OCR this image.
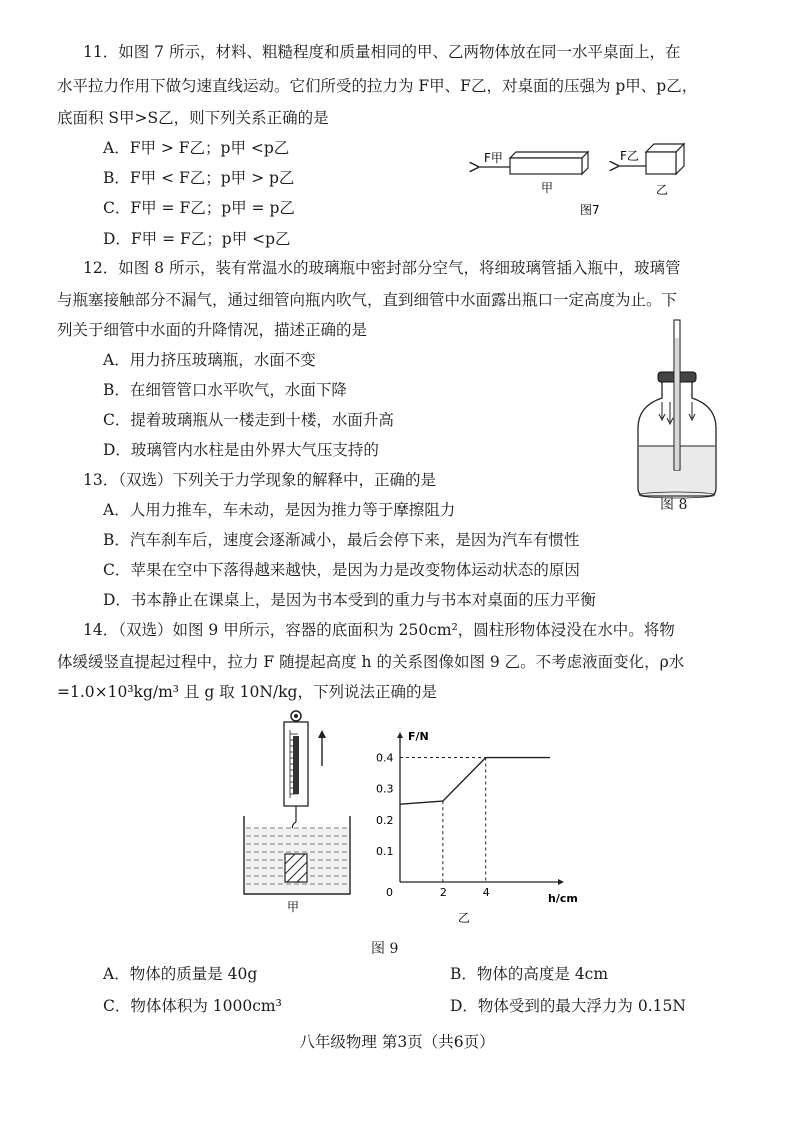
11．如图 7 所示，材料、粗糙程度和质量相同的甲、乙两物体放在同一水平桌面上，在
水平拉力作用下做匀速直线运动。它们所受的拉力为 F甲、F乙，对桌面的压强为 p甲、p乙，
底面积 S甲>S乙，则下列关系正确的是
A．F甲 > F乙；p甲 <p乙
B．F甲 < F乙；p甲 > p乙
C．F甲 = F乙；p甲 = p乙
D．F甲 = F乙；p甲 <p乙
F甲
甲
F乙
乙
图7
12．如图 8 所示，装有常温水的玻璃瓶中密封部分空气，将细玻璃管插入瓶中，玻璃管
与瓶塞接触部分不漏气，通过细管向瓶内吹气，直到细管中水面露出瓶口一定高度为止。下
列关于细管中水面的升降情况，描述正确的是
A．用力挤压玻璃瓶，水面不变
B．在细管管口水平吹气，水面下降
C．提着玻璃瓶从一楼走到十楼，水面升高
D．玻璃管内水柱是由外界大气压支持的
图 8
13．（双选）下列关于力学现象的解释中，正确的是
A．人用力推车，车未动，是因为推力等于摩擦阻力
B．汽车刹车后，速度会逐渐减小，最后会停下来，是因为汽车有惯性
C．苹果在空中下落得越来越快，是因为力是改变物体运动状态的原因
D．书本静止在课桌上，是因为书本受到的重力与书本对桌面的压力平衡
14．（双选）如图 9 甲所示，容器的底面积为 250cm²，圆柱形物体浸没在水中。将物
体缓缓竖直提起过程中，拉力 F 随提起高度 h 的关系图像如图 9 乙。不考虑液面变化，ρ水
=1.0×10³kg/m³ 且 g 取 10N/kg，下列说法正确的是
甲
F/N
h/cm
0
0.1
0.2
0.3
0.4
2	4
乙
图 9
A．物体的质量是 40g	B．物体的高度是 4cm
C．物体体积为 1000cm³	D．物体受到的最大浮力为 0.15N
八年级物理 第3页（共6页）
